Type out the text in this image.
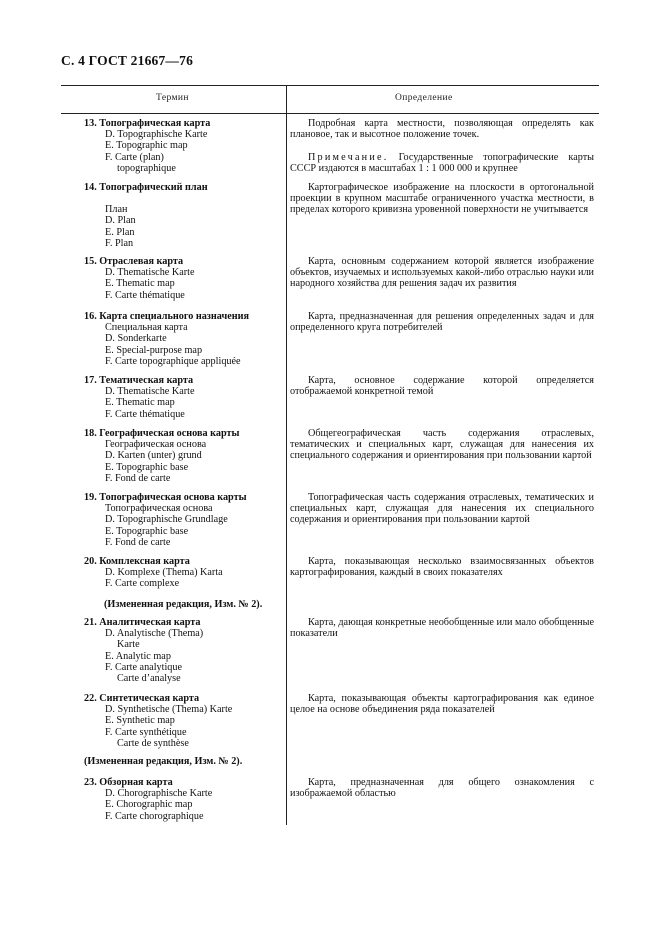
С. 4 ГОСТ 21667—76
Термин	Определение
13. Топографическая карта
D. Topographische Karte
E. Topographic map
F. Carte (plan)
topographique
Подробная карта местности, позволяющая определять как плановое, так и высотное положение точек.
Примечание. Государственные топографические карты СССР издаются в масштабах 1 : 1 000 000 и крупнее
14. Топографический план
План
D. Plan
E. Plan
F. Plan
Картографическое изображение на плоскости в ортогональной проекции в крупном масштабе ограниченного участка местности, в пределах которого кривизна уровенной поверхности не учитывается
15. Отраслевая карта
D. Thematische Karte
E. Thematic map
F. Carte thématique
Карта, основным содержанием которой является изображение объектов, изучаемых и используемых какой-либо отраслью науки или народного хозяйства для решения задач их развития
16. Карта специального назначения
Специальная карта
D. Sonderkarte
E. Special-purpose map
F. Carte topographique appliquée
Карта, предназначенная для решения определенных задач и для определенного круга потребителей
17. Тематическая карта
D. Thematische Karte
E. Thematic map
F. Carte thématique
Карта, основное содержание которой определяется отображаемой конкретной темой
18. Географическая основа карты
Географическая основа
D. Karten (unter) grund
E. Topographic base
F. Fond de carte
Общегеографическая часть содержания отраслевых, тематических и специальных карт, служащая для нанесения их специального содержания и ориентирования при пользовании картой
19. Топографическая основа карты
Топографическая основа
D. Topographische Grundlage
E. Topographic base
F. Fond de carte
Топографическая часть содержания отраслевых, тематических и специальных карт, служащая для нанесения их специального содержания и ориентирования при пользовании картой
20. Комплексная карта
D. Komplexe (Thema) Karta
F. Carte complexe
Карта, показывающая несколько взаимосвязанных объектов картографирования, каждый в своих показателях
(Измененная редакция, Изм. № 2).
21. Аналитическая карта
D. Analytische (Thema)
Karte
E. Analytic map
F. Carte analytique
Carte d’analyse
Карта, дающая конкретные необобщенные или мало обобщенные показатели
22. Синтетическая карта
D. Synthetische (Thema) Karte
E. Synthetic map
F. Carte synthétique
Carte de synthèse
Карта, показывающая объекты картографирования как единое целое на основе объединения ряда показателей
(Измененная редакция, Изм. № 2).
23. Обзорная карта
D. Chorographische Karte
E. Chorographic map
F. Carte chorographique
Карта, предназначенная для общего ознакомления с изображаемой областью
